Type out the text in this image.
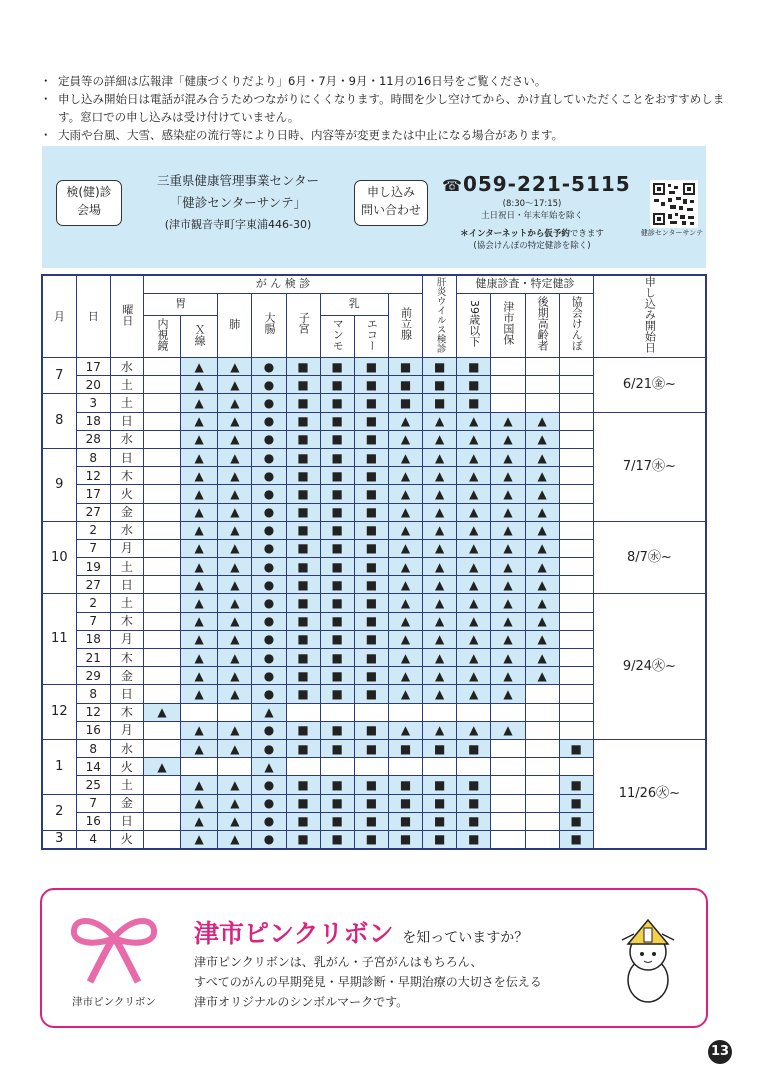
・ 定員等の詳細は広報津「健康づくりだより」6月・7月・9月・11月の16日号をご覧ください。
・ 申し込み開始日は電話が混み合うためつながりにくくなります。時間を少し空けてから、かけ直していただくことをおすすめします。窓口での申し込みは受け付けていません。
・ 大雨や台風、大雪、感染症の流行等により日時、内容等が変更または中止になる場合があります。
検(健)診
会場
三重県健康管理事業センター
「健診センターサンテ」
(津市観音寺町字東浦446-30)
申し込み
問い合わせ
☎059-221-5115
(8:30～17:15)
土日祝日・年末年始を除く
＊インターネットから仮予約できます
(協会けんぽの特定健診を除く)
健診センターサンテ
月	日	曜日	が ん 検 診								肝炎ウイルス検診	健康診査・特定健診				申し込み開始日
			胃		肺	大腸	子宮	乳		前立腺		39歳以下	津市国保	後期高齢者	協会けんぽ	
			内視鏡	Ｘ線				マンモ	エコー							
7	17	水		▲	▲	●	■	■	■	■	■	■				6/21㊎~
	20	土		▲	▲	●	■	■	■	■	■	■				
8	3	土		▲	▲	●	■	■	■	■	■	■				
	18	日		▲	▲	●	■	■	■	▲	▲	▲	▲	▲		7/17㊌~
	28	水		▲	▲	●	■	■	■	▲	▲	▲	▲	▲		
9	8	日		▲	▲	●	■	■	■	▲	▲	▲	▲	▲		
	12	木		▲	▲	●	■	■	■	▲	▲	▲	▲	▲		
	17	火		▲	▲	●	■	■	■	▲	▲	▲	▲	▲		
	27	金		▲	▲	●	■	■	■	▲	▲	▲	▲	▲		
10	2	水		▲	▲	●	■	■	■	▲	▲	▲	▲	▲		8/7㊌~
	7	月		▲	▲	●	■	■	■	▲	▲	▲	▲	▲		
	19	土		▲	▲	●	■	■	■	▲	▲	▲	▲	▲		
	27	日		▲	▲	●	■	■	■	▲	▲	▲	▲	▲		
11	2	土		▲	▲	●	■	■	■	▲	▲	▲	▲	▲		9/24㊋~
	7	木		▲	▲	●	■	■	■	▲	▲	▲	▲	▲		
	18	月		▲	▲	●	■	■	■	▲	▲	▲	▲	▲		
	21	木		▲	▲	●	■	■	■	▲	▲	▲	▲	▲		
	29	金		▲	▲	●	■	■	■	▲	▲	▲	▲	▲		
12	8	日		▲	▲	●	■	■	■	▲	▲	▲	▲			
	12	木	▲			▲										
	16	月		▲	▲	●	■	■	■	▲	▲	▲	▲			
1	8	水		▲	▲	●	■	■	■	■	■	■			■	11/26㊋~
	14	火	▲			▲										
	25	土		▲	▲	●	■	■	■	■	■	■			■	
2	7	金		▲	▲	●	■	■	■	■	■	■			■	
	16	日		▲	▲	●	■	■	■	■	■	■			■	
3	4	火		▲	▲	●	■	■	■	■	■	■			■	
津市ピンクリボン
津市ピンクリボン を知っていますか？
津市ピンクリボンは、乳がん・子宮がんはもちろん、
すべてのがんの早期発見・早期診断・早期治療の大切さを伝える
津市オリジナルのシンボルマークです。
13
